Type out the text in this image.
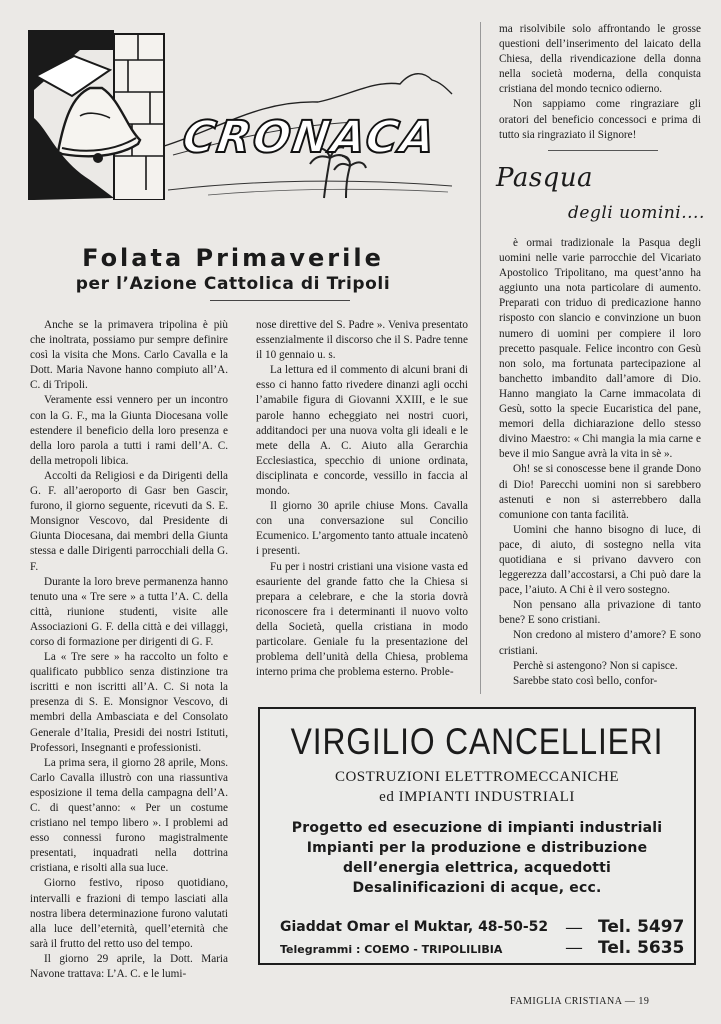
CRONACA
Folata Primaverile
per l’Azione Cattolica di Tripoli

Anche se la primavera tripolina è più che inoltrata, possiamo pur sempre definire così la visita che Mons. Carlo Cavalla e la Dott. Maria Navone hanno compiuto all’A. C. di Tripoli.

Veramente essi vennero per un incontro con la G. F., ma la Giunta Diocesana volle estendere il beneficio della loro presenza e della loro parola a tutti i rami dell’A. C. della metropoli libica.

Accolti da Religiosi e da Dirigenti della G. F. all’aeroporto di Gasr ben Gascir, furono, il giorno seguente, ricevuti da S. E. Monsignor Vescovo, dal Presidente di Giunta Diocesana, dai membri della Giunta stessa e dalle Dirigenti parrocchiali della G. F.

Durante la loro breve permanenza hanno tenuto una « Tre sere » a tutta l’A. C. della città, riunione studenti, visite alle Associazioni G. F. della città e dei villaggi, corso di formazione per dirigenti di G. F.

La « Tre sere » ha raccolto un folto e qualificato pubblico senza distinzione tra iscritti e non iscritti all’A. C. Si nota la presenza di S. E. Monsignor Vescovo, di membri della Ambasciata e del Consolato Generale d’Italia, Presidi dei nostri Istituti, Professori, Insegnanti e professionisti.

La prima sera, il giorno 28 aprile, Mons. Carlo Cavalla illustrò con una riassuntiva esposizione il tema della campagna dell’A. C. di quest’anno: « Per un costume cristiano nel tempo libero ». I problemi ad esso connessi furono magistralmente presentati, inquadrati nella dottrina cristiana, e risolti alla sua luce.

Giorno festivo, riposo quotidiano, intervalli e frazioni di tempo lasciati alla nostra libera determinazione furono valutati alla luce dell’eternità, quell’eternità che sarà il frutto del retto uso del tempo.

Il giorno 29 aprile, la Dott. Maria Navone trattava: L’A. C. e le lumi-

nose direttive del S. Padre ». Veniva presentato essenzialmente il discorso che il S. Padre tenne il 10 gennaio u. s.

La lettura ed il commento di alcuni brani di esso ci hanno fatto rivedere dinanzi agli occhi l’amabile figura di Giovanni XXIII, e le sue parole hanno echeggiato nei nostri cuori, additandoci per una nuova volta gli ideali e le mete della A. C. Aiuto alla Gerarchia Ecclesiastica, specchio di unione ordinata, disciplinata e concorde, vessillo in faccia al mondo.

Il giorno 30 aprile chiuse Mons. Cavalla con una conversazione sul Concilio Ecumenico. L’argomento tanto attuale incatenò i presenti.

Fu per i nostri cristiani una visione vasta ed esauriente del grande fatto che la Chiesa si prepara a celebrare, e che la storia dovrà riconoscere fra i determinanti il nuovo volto della Società, quella cristiana in modo particolare. Geniale fu la presentazione del problema dell’unità della Chiesa, problema interno prima che problema esterno. Proble-

ma risolvibile solo affrontando le grosse questioni dell’inserimento del laicato della Chiesa, della rivendicazione della donna nella società moderna, della conquista cristiana del mondo tecnico odierno.

Non sappiamo come ringraziare gli oratori del beneficio concessoci e prima di tutto sia ringraziato il Signore!

Pasqua
degli uomini....

è ormai tradizionale la Pasqua degli uomini nelle varie parrocchie del Vicariato Apostolico Tripolitano, ma quest’anno ha aggiunto una nota particolare di aumento. Preparati con triduo di predicazione hanno risposto con slancio e convinzione un buon numero di uomini per compiere il loro precetto pasquale. Felice incontro con Gesù non solo, ma fortunata partecipazione al banchetto imbandito dall’amore di Dio. Hanno mangiato la Carne immacolata di Gesù, sotto la specie Eucaristica del pane, memori della dichiarazione dello stesso divino Maestro: « Chi mangia la mia carne e beve il mio Sangue avrà la vita in sè ».

Oh! se si conoscesse bene il grande Dono di Dio! Parecchi uomini non si sarebbero astenuti e non si asterrebbero dalla comunione con tanta facilità.

Uomini che hanno bisogno di luce, di pace, di aiuto, di sostegno nella vita quotidiana e si privano davvero con leggerezza dall’accostarsi, a Chi può dare la pace, l’aiuto. A Chi è il vero sostegno.

Non pensano alla privazione di tanto bene? E sono cristiani.

Non credono al mistero d’amore? E sono cristiani.

Perchè si astengono? Non si capisce.

Sarebbe stato così bello, confor-

VIRGILIO CANCELLIERI
COSTRUZIONI ELETTROMECCANICHE
ed IMPIANTI INDUSTRIALI
Progetto ed esecuzione di impianti industriali
Impianti per la produzione e distribuzione
dell’energia elettrica, acquedotti
Desalinificazioni di acque, ecc.
Giaddat Omar el Muktar, 48-50-52 — Tel. 5497
Telegrammi : COEMO - TRIPOLILIBIA	— Tel. 5635
FAMIGLIA CRISTIANA — 19
